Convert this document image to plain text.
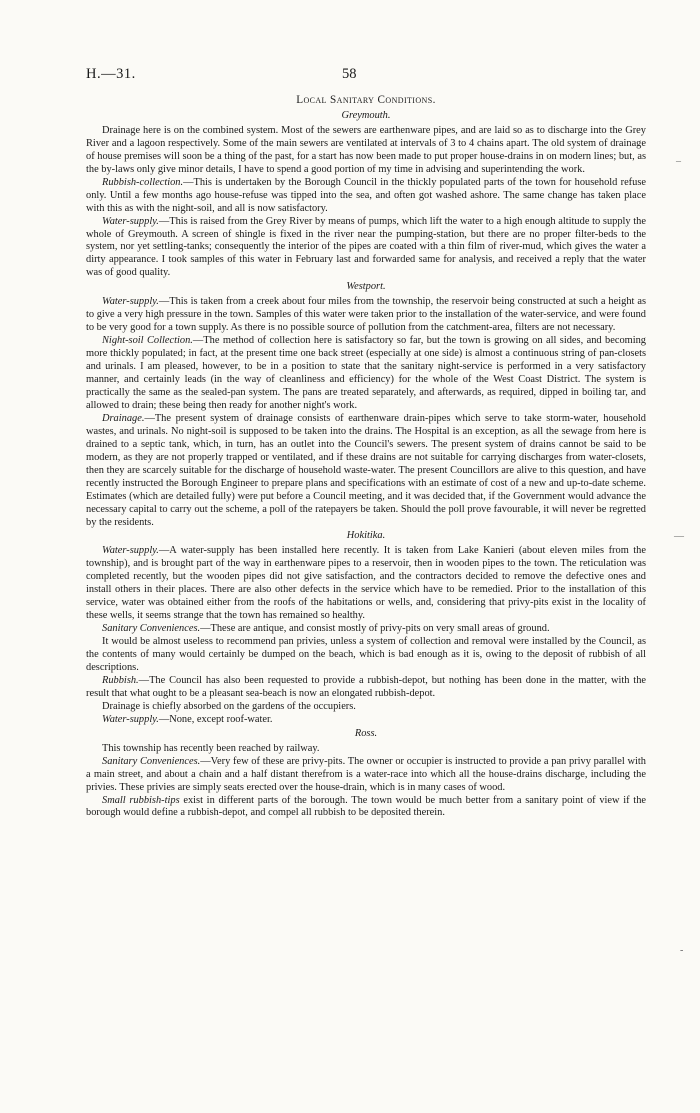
H.—31.	58
Local Sanitary Conditions.
Greymouth.

Drainage here is on the combined system. Most of the sewers are earthenware pipes, and are laid so as to discharge into the Grey River and a lagoon respectively. Some of the main sewers are ventilated at intervals of 3 to 4 chains apart. The old system of drainage of house premises will soon be a thing of the past, for a start has now been made to put proper house-drains in on modern lines; but, as the by-laws only give minor details, I have to spend a good portion of my time in advising and superintending the work.

Rubbish-collection.—This is undertaken by the Borough Council in the thickly populated parts of the town for household refuse only. Until a few months ago house-refuse was tipped into the sea, and often got washed ashore. The same change has taken place with this as with the night-soil, and all is now satisfactory.

Water-supply.—This is raised from the Grey River by means of pumps, which lift the water to a high enough altitude to supply the whole of Greymouth. A screen of shingle is fixed in the river near the pumping-station, but there are no proper filter-beds to the system, nor yet settling-tanks; consequently the interior of the pipes are coated with a thin film of river-mud, which gives the water a dirty appearance. I took samples of this water in February last and forwarded same for analysis, and received a reply that the water was of good quality.

Westport.

Water-supply.—This is taken from a creek about four miles from the township, the reservoir being constructed at such a height as to give a very high pressure in the town. Samples of this water were taken prior to the installation of the water-service, and were found to be very good for a town supply. As there is no possible source of pollution from the catchment-area, filters are not necessary.

Night-soil Collection.—The method of collection here is satisfactory so far, but the town is growing on all sides, and becoming more thickly populated; in fact, at the present time one back street (especially at one side) is almost a continuous string of pan-closets and urinals. I am pleased, however, to be in a position to state that the sanitary night-service is performed in a very satisfactory manner, and certainly leads (in the way of cleanliness and efficiency) for the whole of the West Coast District. The system is practically the same as the sealed-pan system. The pans are treated separately, and afterwards, as required, dipped in boiling tar, and allowed to drain; these being then ready for another night's work.

Drainage.—The present system of drainage consists of earthenware drain-pipes which serve to take storm-water, household wastes, and urinals. No night-soil is supposed to be taken into the drains. The Hospital is an exception, as all the sewage from here is drained to a septic tank, which, in turn, has an outlet into the Council's sewers. The present system of drains cannot be said to be modern, as they are not properly trapped or ventilated, and if these drains are not suitable for carrying discharges from water-closets, then they are scarcely suitable for the discharge of household waste-water. The present Councillors are alive to this question, and have recently instructed the Borough Engineer to prepare plans and specifications with an estimate of cost of a new and up-to-date scheme. Estimates (which are detailed fully) were put before a Council meeting, and it was decided that, if the Government would advance the necessary capital to carry out the scheme, a poll of the ratepayers be taken. Should the poll prove favourable, it will never be regretted by the residents.

Hokitika.

Water-supply.—A water-supply has been installed here recently. It is taken from Lake Kanieri (about eleven miles from the township), and is brought part of the way in earthenware pipes to a reservoir, then in wooden pipes to the town. The reticulation was completed recently, but the wooden pipes did not give satisfaction, and the contractors decided to remove the defective ones and install others in their places. There are also other defects in the service which have to be remedied. Prior to the installation of this service, water was obtained either from the roofs of the habitations or wells, and, considering that privy-pits exist in the locality of these wells, it seems strange that the town has remained so healthy.

Sanitary Conveniences.—These are antique, and consist mostly of privy-pits on very small areas of ground.

It would be almost useless to recommend pan privies, unless a system of collection and removal were installed by the Council, as the contents of many would certainly be dumped on the beach, which is bad enough as it is, owing to the deposit of rubbish of all descriptions.

Rubbish.—The Council has also been requested to provide a rubbish-depot, but nothing has been done in the matter, with the result that what ought to be a pleasant sea-beach is now an elongated rubbish-depot.

Drainage is chiefly absorbed on the gardens of the occupiers.

Water-supply.—None, except roof-water.

Ross.

This township has recently been reached by railway.

Sanitary Conveniences.—Very few of these are privy-pits. The owner or occupier is instructed to provide a pan privy parallel with a main street, and about a chain and a half distant therefrom is a water-race into which all the house-drains discharge, including the privies. These privies are simply seats erected over the house-drain, which is in many cases of wood.

Small rubbish-tips exist in different parts of the borough. The town would be much better from a sanitary point of view if the borough would define a rubbish-depot, and compel all rubbish to be deposited therein.

–
—
-
